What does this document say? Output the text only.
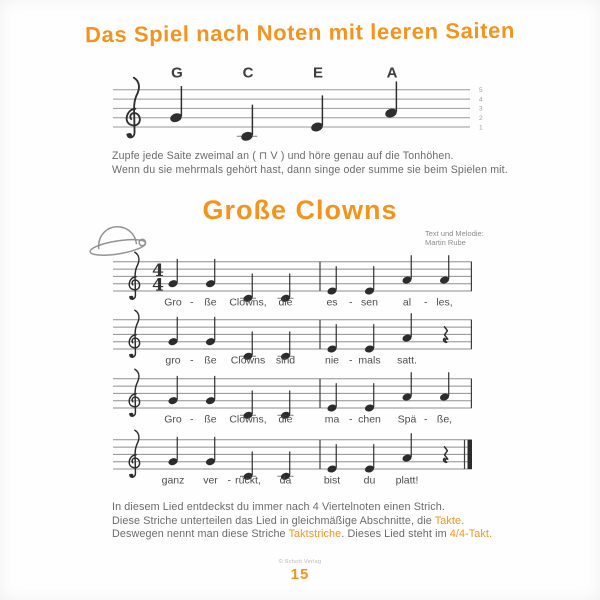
G	C	E	A
5
4
3
2
1
4
4
Gro ße Clowns, die	es sen al les,
-	-	-
gro ße Clowns sind	nie mals satt.
-	-
Gro ße Clowns, die	ma chen Spä ße,
-	-	-
ganz ver rückt, da	bist du platt!
-
Das Spiel nach Noten mit leeren Saiten

Zupfe jede Saite zweimal an ( ⊓ V ) und höre genau auf die Tonhöhen.
Wenn du sie mehrmals gehört hast, dann singe oder summe sie beim Spielen mit.

Große Clowns
Text und Melodie:
Martin Rube

In diesem Lied entdeckst du immer nach 4 Viertelnoten einen Strich.
Diese Striche unterteilen das Lied in gleichmäßige Abschnitte, die Takte.
Deswegen nennt man diese Striche Taktstriche. Dieses Lied steht im 4/4-Takt.

© Schott Verlag
15
